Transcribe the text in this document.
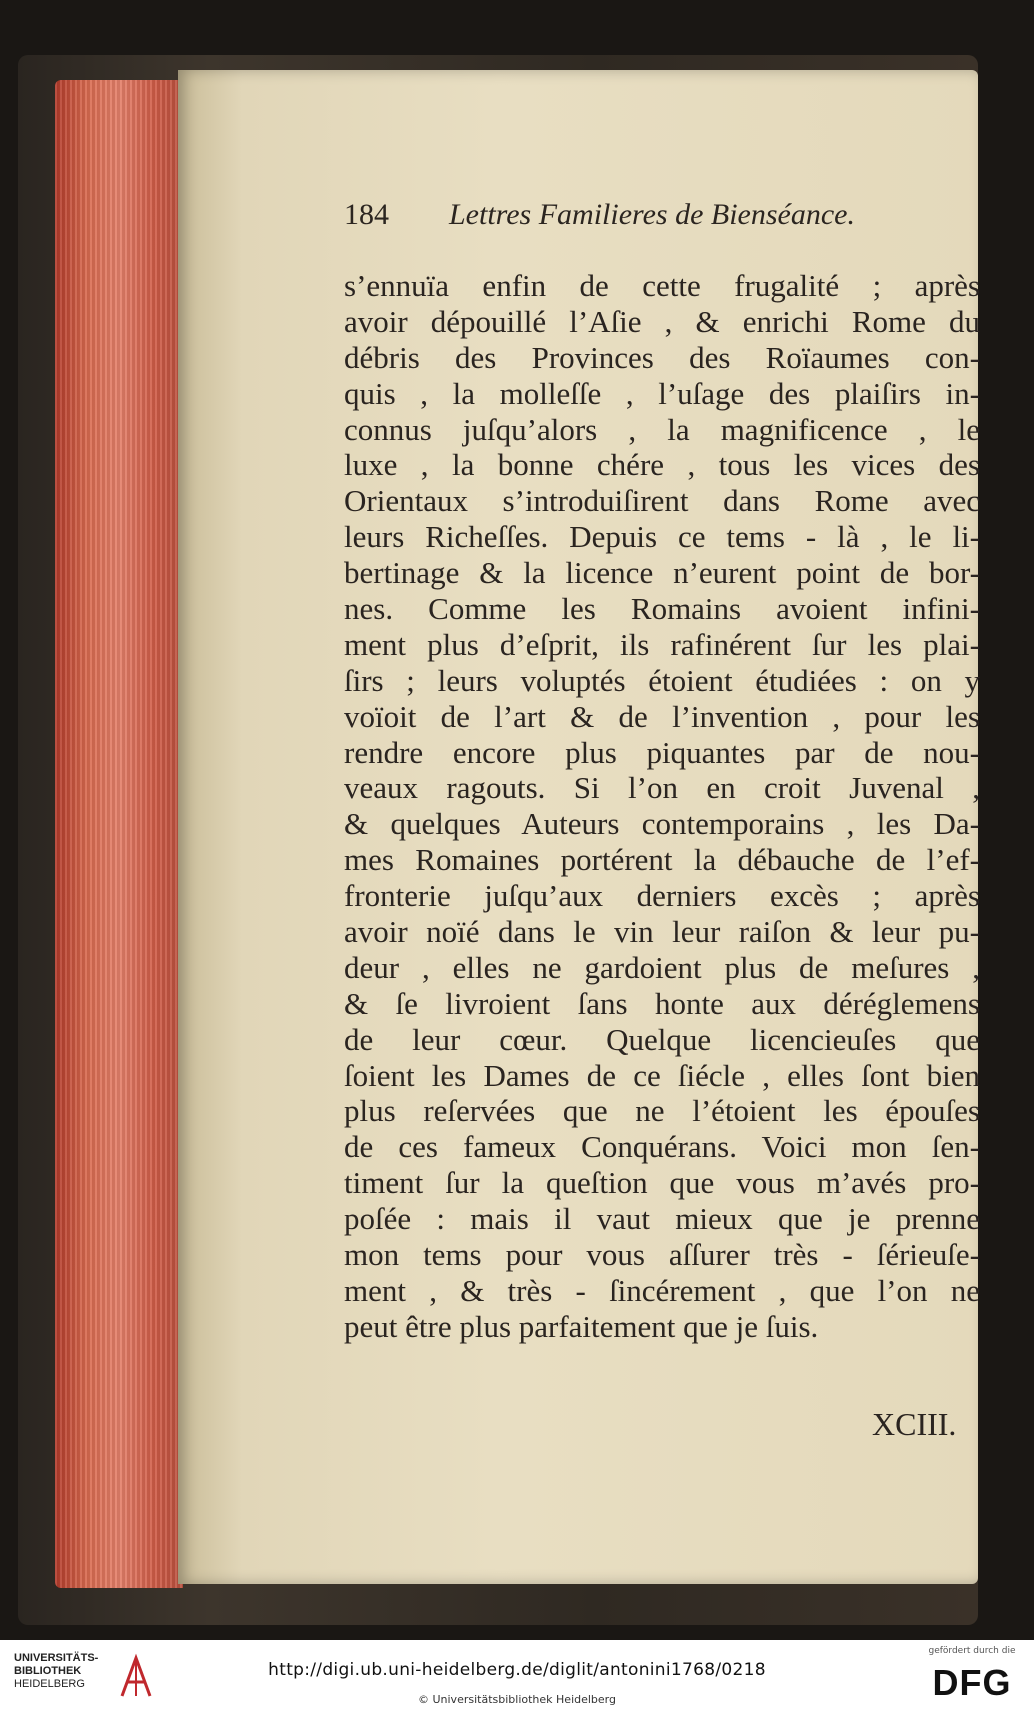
184 Lettres Familieres de Bienséance.
s’ennuïa enfin de cette frugalité ; après
avoir dépouillé l’Aſie , & enrichi Rome du
débris des Provinces des Roïaumes con-
quis , la molleſſe , l’uſage des plaiſirs in-
connus juſqu’alors , la magnificence , le
luxe , la bonne chére , tous les vices des
Orientaux s’introduiſirent dans Rome avec
leurs Richeſſes. Depuis ce tems - là , le li-
bertinage & la licence n’eurent point de bor-
nes. Comme les Romains avoient infini-
ment plus d’eſprit, ils rafinérent ſur les plai-
ſirs ; leurs voluptés étoient étudiées : on y
voïoit de l’art & de l’invention , pour les
rendre encore plus piquantes par de nou-
veaux ragouts. Si l’on en croit Juvenal ,
& quelques Auteurs contemporains , les Da-
mes Romaines portérent la débauche de l’ef-
fronterie juſqu’aux derniers excès ; après
avoir noïé dans le vin leur raiſon & leur pu-
deur , elles ne gardoient plus de meſures ,
& ſe livroient ſans honte aux déréglemens
de leur cœur. Quelque licencieuſes que
ſoient les Dames de ce ſiécle , elles ſont bien
plus reſervées que ne l’étoient les épouſes
de ces fameux Conquérans. Voici mon ſen-
timent ſur la queſtion que vous m’avés pro-
poſée : mais il vaut mieux que je prenne
mon tems pour vous aſſurer très - ſérieuſe-
ment , & très - ſincérement , que l’on ne
peut être plus parfaitement que je ſuis.
XCIII.
UNIVERSITÄTS-
BIBLIOTHEK
HEIDELBERG
http://digi.ub.uni-heidelberg.de/diglit/antonini1768/0218
© Universitätsbibliothek Heidelberg
gefördert durch die
DFG
